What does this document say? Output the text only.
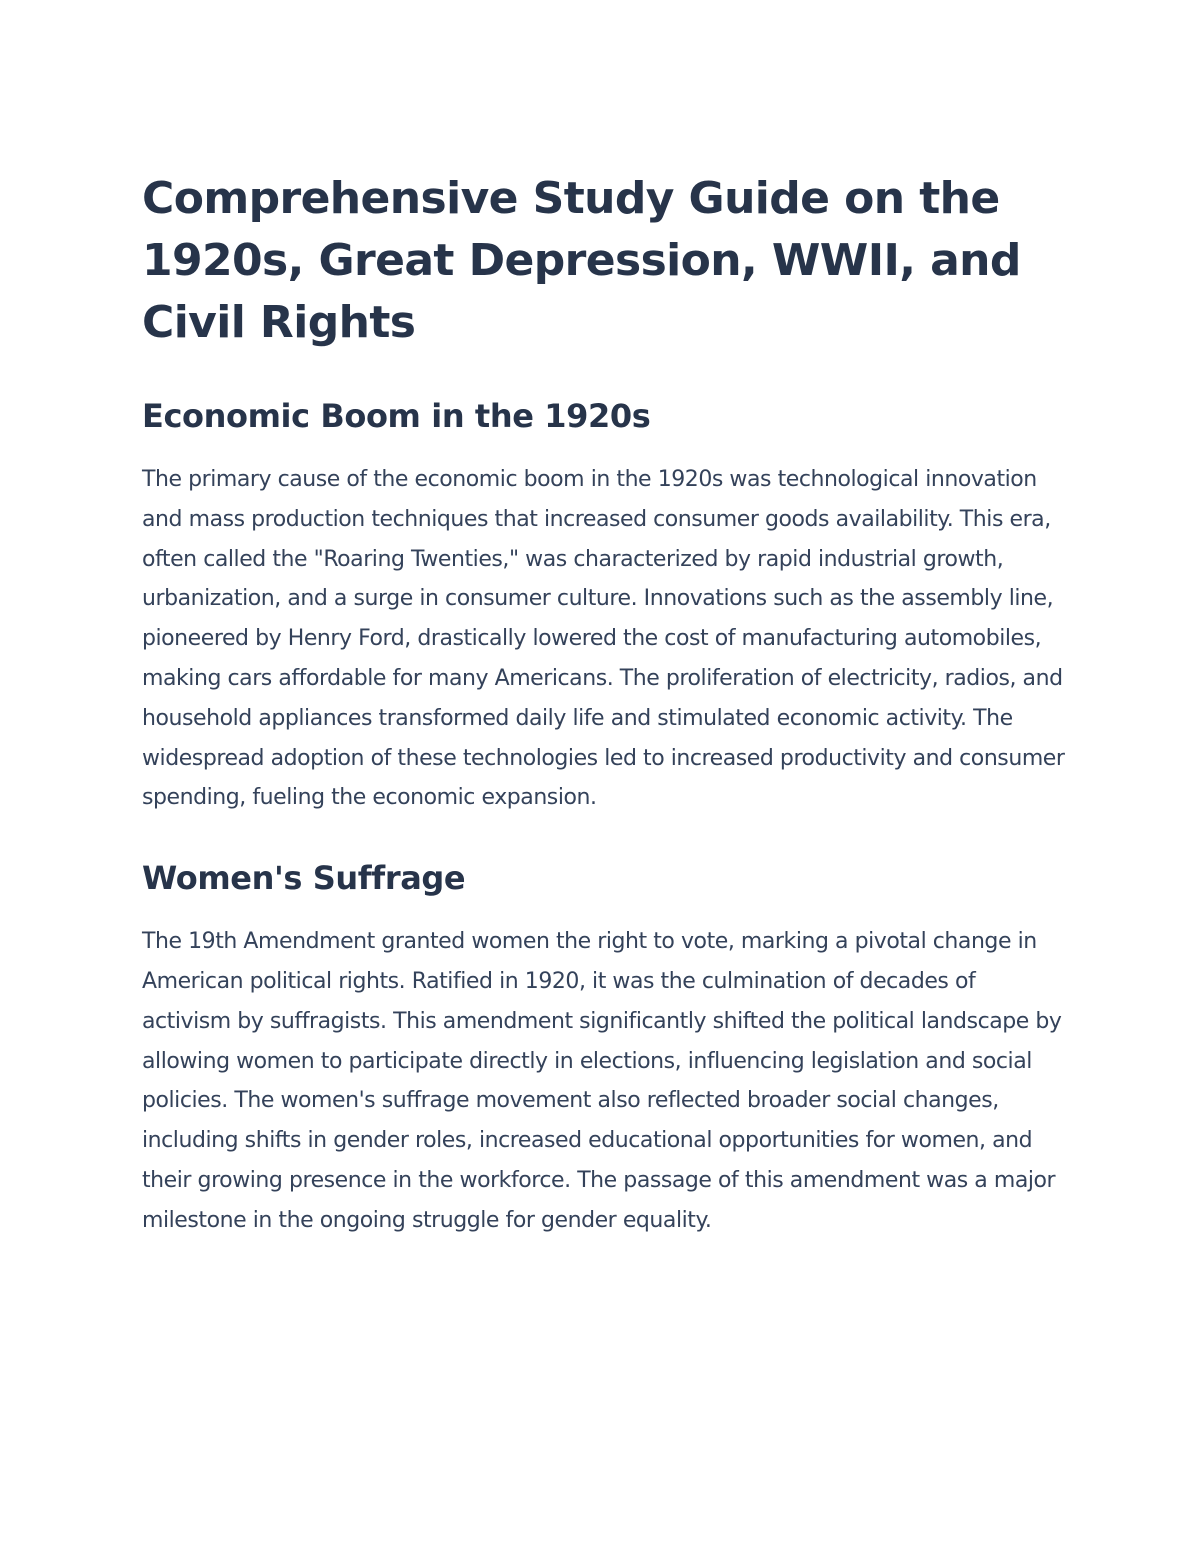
Comprehensive Study Guide on the 1920s, Great Depression, WWII, and Civil Rights
Economic Boom in the 1920s

The primary cause of the economic boom in the 1920s was technological innovation and mass production techniques that increased consumer goods availability. This era, often called the "Roaring Twenties," was characterized by rapid industrial growth, urbanization, and a surge in consumer culture. Innovations such as the assembly line, pioneered by Henry Ford, drastically lowered the cost of manufacturing automobiles, making cars affordable for many Americans. The proliferation of electricity, radios, and household appliances transformed daily life and stimulated economic activity. The widespread adoption of these technologies led to increased productivity and consumer spending, fueling the economic expansion.

Women's Suffrage

The 19th Amendment granted women the right to vote, marking a pivotal change in American political rights. Ratified in 1920, it was the culmination of decades of activism by suffragists. This amendment significantly shifted the political landscape by allowing women to participate directly in elections, influencing legislation and social policies. The women's suffrage movement also reflected broader social changes, including shifts in gender roles, increased educational opportunities for women, and their growing presence in the workforce. The passage of this amendment was a major milestone in the ongoing struggle for gender equality.
